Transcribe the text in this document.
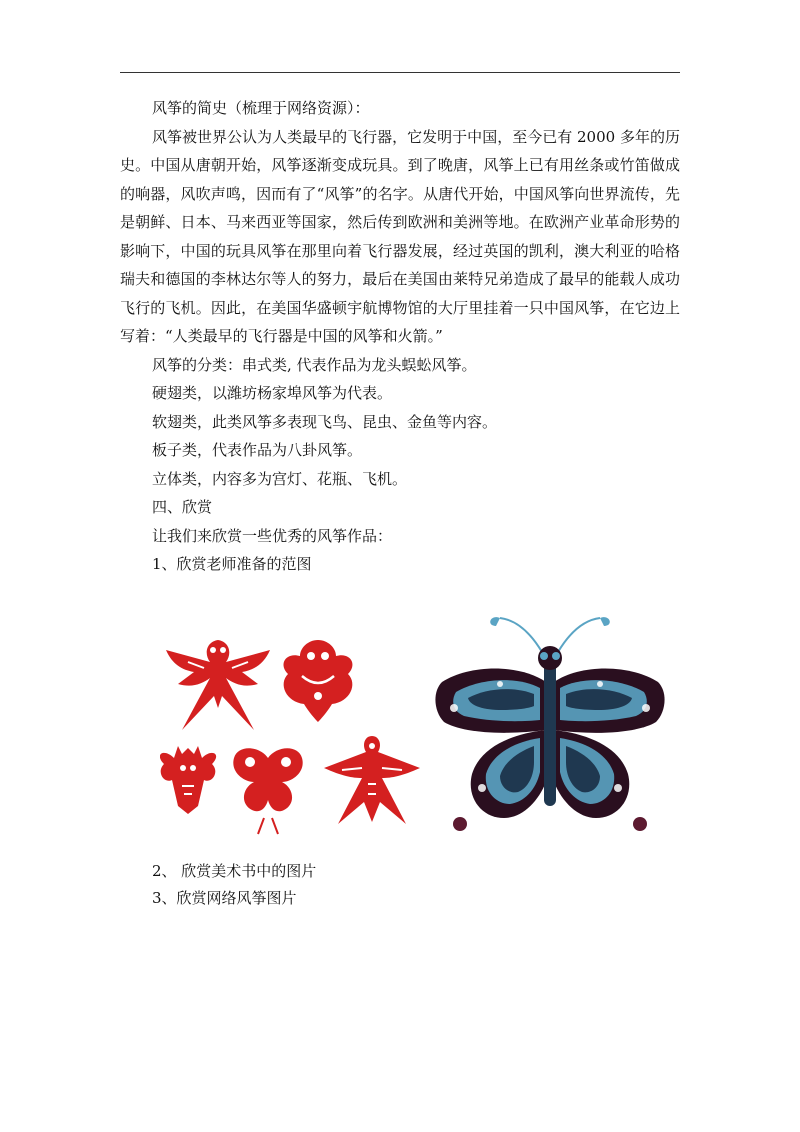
风筝的简史（梳理于网络资源）：

风筝被世界公认为人类最早的飞行器，它发明于中国，至今已有 2000 多年的历史。中国从唐朝开始，风筝逐渐变成玩具。到了晚唐，风筝上已有用丝条或竹笛做成的响器，风吹声鸣，因而有了“风筝”的名字。从唐代开始，中国风筝向世界流传，先是朝鲜、日本、马来西亚等国家，然后传到欧洲和美洲等地。在欧洲产业革命形势的影响下，中国的玩具风筝在那里向着飞行器发展，经过英国的凯利，澳大利亚的哈格瑞夫和德国的李林达尔等人的努力，最后在美国由莱特兄弟造成了最早的能载人成功飞行的飞机。因此，在美国华盛顿宇航博物馆的大厅里挂着一只中国风筝，在它边上写着：“人类最早的飞行器是中国的风筝和火箭。”

风筝的分类：串式类, 代表作品为龙头蜈蚣风筝。

硬翅类，以潍坊杨家埠风筝为代表。

软翅类，此类风筝多表现飞鸟、昆虫、金鱼等内容。

板子类，代表作品为八卦风筝。

立体类，内容多为宫灯、花瓶、飞机。

四、欣赏

让我们来欣赏一些优秀的风筝作品：

1、欣赏老师准备的范图

2、 欣赏美术书中的图片

3、欣赏网络风筝图片
